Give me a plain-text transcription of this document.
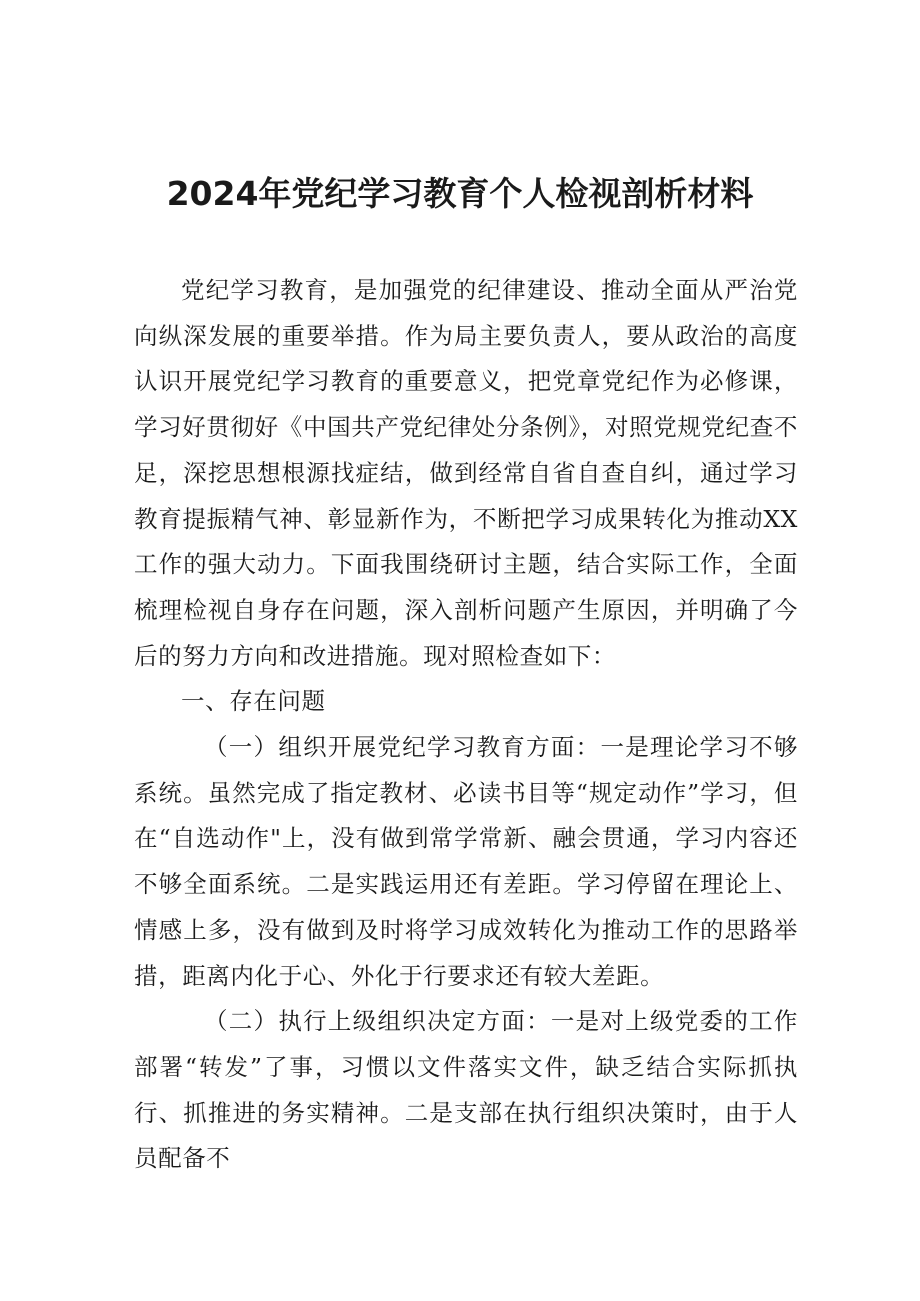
2024年党纪学习教育个人检视剖析材料

党纪学习教育，是加强党的纪律建设、推动全面从严治党向纵深发展的重要举措。作为局主要负责人，要从政治的高度认识开展党纪学习教育的重要意义，把党章党纪作为必修课，学习好贯彻好《中国共产党纪律处分条例》，对照党规党纪查不足，深挖思想根源找症结，做到经常自省自查自纠，通过学习教育提振精气神、彰显新作为，不断把学习成果转化为推动XX工作的强大动力。下面我围绕研讨主题，结合实际工作，全面梳理检视自身存在问题，深入剖析问题产生原因，并明确了今后的努力方向和改进措施。现对照检查如下：

一、存在问题

（一）组织开展党纪学习教育方面：一是理论学习不够系统。虽然完成了指定教材、必读书目等“规定动作”学习，但在“自选动作"上，没有做到常学常新、融会贯通，学习内容还不够全面系统。二是实践运用还有差距。学习停留在理论上、情感上多，没有做到及时将学习成效转化为推动工作的思路举措，距离内化于心、外化于行要求还有较大差距。

（二）执行上级组织决定方面：一是对上级党委的工作部署“转发”了事，习惯以文件落实文件，缺乏结合实际抓执行、抓推进的务实精神。二是支部在执行组织决策时，由于人员配备不
